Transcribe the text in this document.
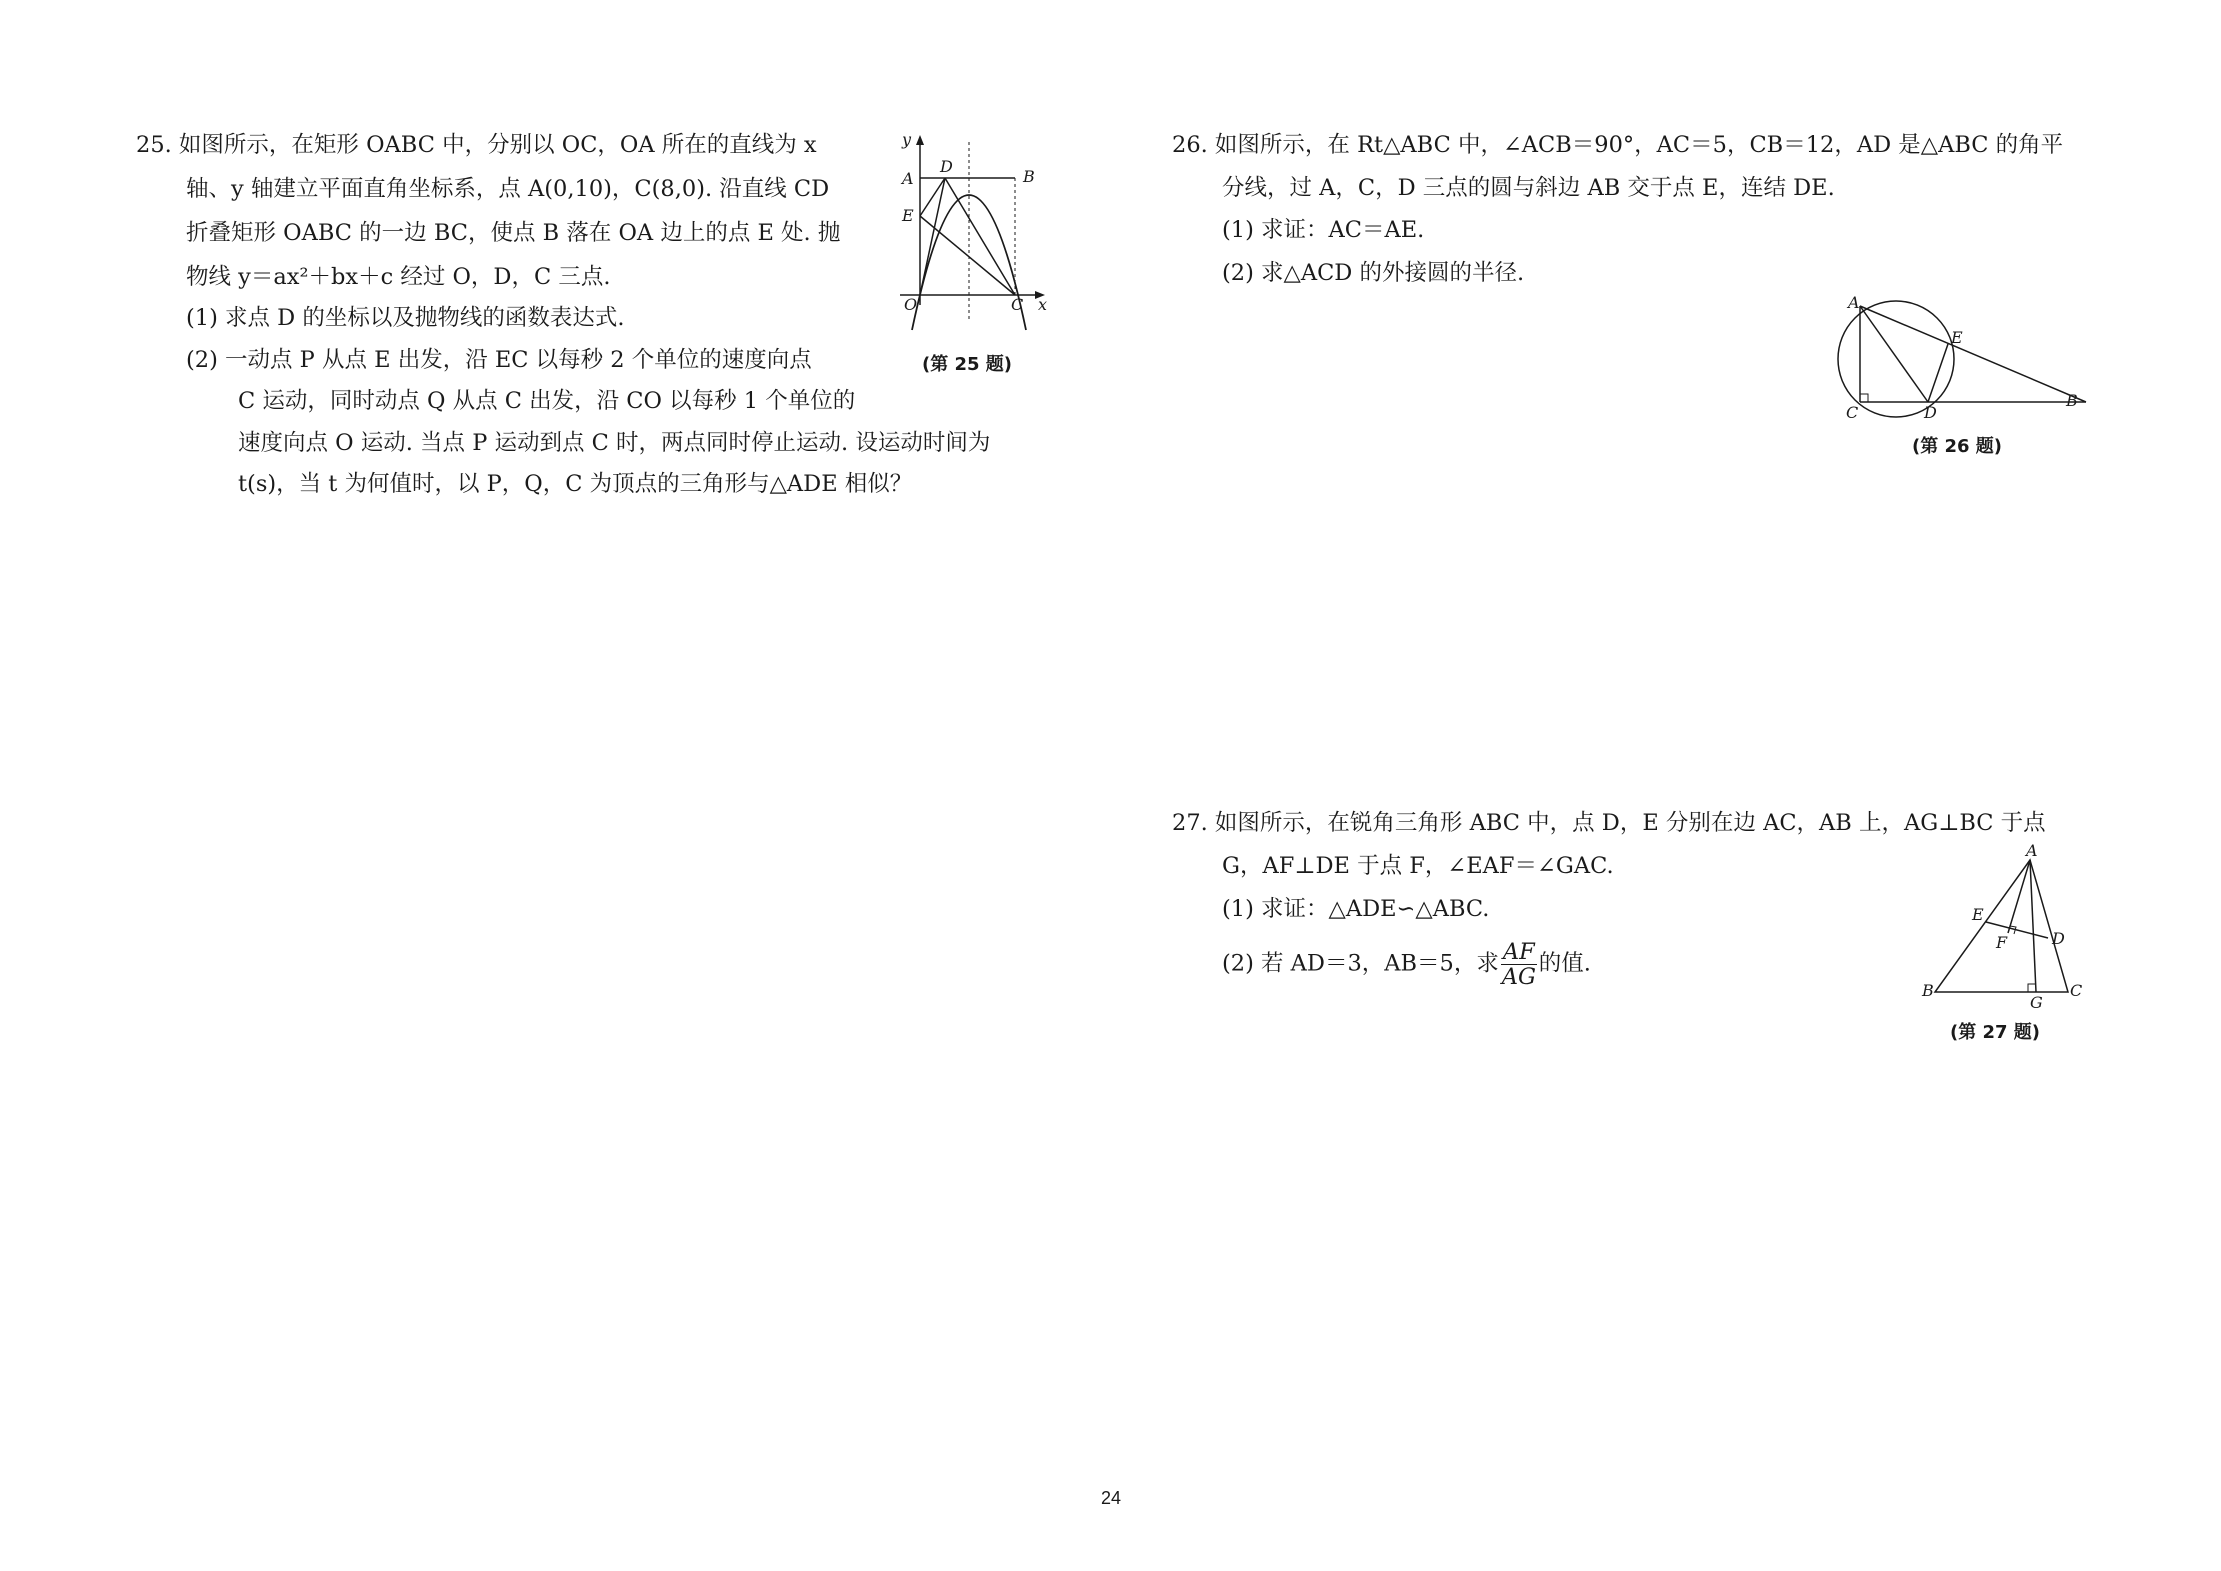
25. 如图所示，在矩形 OABC 中，分别以 OC，OA 所在的直线为 x
轴、y 轴建立平面直角坐标系，点 A(0,10)，C(8,0). 沿直线 CD
折叠矩形 OABC 的一边 BC，使点 B 落在 OA 边上的点 E 处. 抛
物线 y＝ax²＋bx＋c 经过 O，D，C 三点.
(1) 求点 D 的坐标以及抛物线的函数表达式.
(2) 一动点 P 从点 E 出发，沿 EC 以每秒 2 个单位的速度向点
C 运动，同时动点 Q 从点 C 出发，沿 CO 以每秒 1 个单位的
速度向点 O 运动. 当点 P 运动到点 C 时，两点同时停止运动. 设运动时间为
t(s)，当 t 为何值时，以 P，Q，C 为顶点的三角形与△ADE 相似？
y
A
D
B
E
O	C x
(第 25 题)
26. 如图所示，在 Rt△ABC 中，∠ACB＝90°，AC＝5，CB＝12，AD 是△ABC 的角平
分线，过 A，C，D 三点的圆与斜边 AB 交于点 E，连结 DE.
(1) 求证：AC＝AE.
(2) 求△ACD 的外接圆的半径.
A
E
C	D
B
(第 26 题)
27. 如图所示，在锐角三角形 ABC 中，点 D，E 分别在边 AC，AB 上，AG⊥BC 于点
G，AF⊥DE 于点 F，∠EAF＝∠GAC.
(1) 求证：△ADE∽△ABC.
(2) 若 AD＝3，AB＝5，求 $\frac{AF}{AG}$ 的值.
A
E
F	D
B
G
C
(第 27 题)
24
